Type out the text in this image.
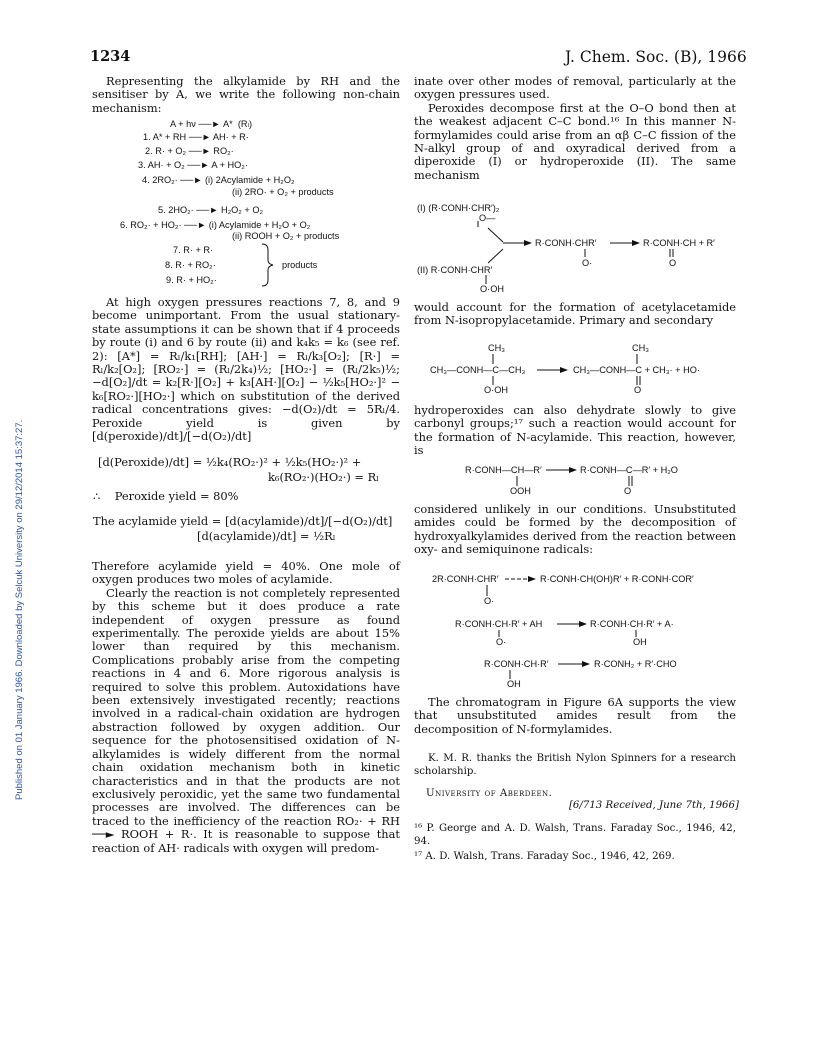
Published on 01 January 1966. Downloaded by Selcuk University on 29/12/2014 15:37:27.
1234	J. Chem. Soc. (B), 1966

Representing the alkylamide by RH and the sensitiser by A, we write the following non-chain mechanism:

A + hν ──► A*  (Rₗ)
1. A* + RH ──► AH· + R·
2. R· + O₂ ──► RO₂·
3. AH· + O₂ ──► A + HO₂·
4. 2RO₂· ──► (i) 2Acylamide + H₂O₂
(ii) 2RO· + O₂ + products
5. 2HO₂· ──► H₂O₂ + O₂
6. RO₂· + HO₂· ──► (i) Acylamide + H₂O + O₂
(ii) ROOH + O₂ + products
7. R· + R·
8. R· + RO₂·
9. R· + HO₂·
products

At high oxygen pressures reactions 7, 8, and 9 become unimportant. From the usual stationary-state assumptions it can be shown that if 4 proceeds by route (i) and 6 by route (ii) and k₄k₅ = k₆ (see ref. 2): [A*] = Rₗ/k₁[RH]; [AH·] = Rₗ/k₃[O₂]; [R·] = Rₗ/k₂[O₂]; [RO₂·] = (Rₗ/2k₄)½; [HO₂·] = (Rₗ/2k₅)½; −d[O₂]/dt = k₂[R·][O₂] + k₃[AH·][O₂] − ½k₅[HO₂·]² − k₆[RO₂·][HO₂·] which on substitution of the derived radical concentrations gives: −d(O₂)/dt = 5Rₗ/4. Peroxide yield is given by [d(peroxide)/dt]/[−d(O₂)/dt]

[d(Peroxide)/dt] = ½k₄(RO₂·)² + ½k₅(HO₂·)² +
k₆(RO₂·)(HO₂·) = Rₗ
∴    Peroxide yield = 80%
The acylamide yield = [d(acylamide)/dt]/[−d(O₂)/dt]
[d(acylamide)/dt] = ½Rₗ

Therefore acylamide yield = 40%. One mole of oxygen produces two moles of acylamide.

Clearly the reaction is not completely represented by this scheme but it does produce a rate independent of oxygen pressure as found experimentally. The peroxide yields are about 15% lower than required by this mechanism. Complications probably arise from the competing reactions in 4 and 6. More rigorous analysis is required to solve this problem. Autoxidations have been extensively investigated recently; reactions involved in a radical-chain oxidation are hydrogen abstraction followed by oxygen addition. Our sequence for the photosensitised oxidation of N-alkylamides is widely different from the normal chain oxidation mechanism both in kinetic characteristics and in that the products are not exclusively peroxidic, yet the same two fundamental processes are involved. The differences can be traced to the inefficiency of the reaction RO₂· + RH ──► ROOH + R·. It is reasonable to suppose that reaction of AH· radicals with oxygen will predom-

inate over other modes of removal, particularly at the oxygen pressures used.

Peroxides decompose first at the O–O bond then at the weakest adjacent C–C bond.¹⁶ In this manner N-formylamides could arise from an αβ C–C fission of the N-alkyl group of and oxyradical derived from a diperoxide (I) or hydroperoxide (II). The same mechanism

(I) (R·CONH·CHR′)₂
O—
R·CONH·CHR′	R·CONH·CH + R′
O·	O
(II) R·CONH·CHR′
O·OH

would account for the formation of acetylacetamide from N-isopropylacetamide. Primary and secondary

CH₃	CH₃
CH₃—CONH—C—CH₃	CH₃—CONH—C + CH₃· + HO·
O·OH	O

hydroperoxides can also dehydrate slowly to give carbonyl groups;¹⁷ such a reaction would account for the formation of N-acylamide. This reaction, however, is

R·CONH—CH—R′	R·CONH—C—R′ + H₂O
OOH	O

considered unlikely in our conditions. Unsubstituted amides could be formed by the decomposition of hydroxyalkylamides derived from the reaction between oxy- and semiquinone radicals:

2R·CONH·CHR′	R·CONH·CH(OH)R′ + R·CONH·COR′
O·
R·CONH·CH·R′ + AH	R·CONH·CH·R′ + A·
O·	OH
R·CONH·CH·R′	R·CONH₂ + R′·CHO
OH

The chromatogram in Figure 6A supports the view that unsubstituted amides result from the decomposition of N-formylamides.

K. M. R. thanks the British Nylon Spinners for a research scholarship.

University of Aberdeen.
[6/713 Received, June 7th, 1966]

¹⁶ P. George and A. D. Walsh, Trans. Faraday Soc., 1946, 42, 94.

¹⁷ A. D. Walsh, Trans. Faraday Soc., 1946, 42, 269.
